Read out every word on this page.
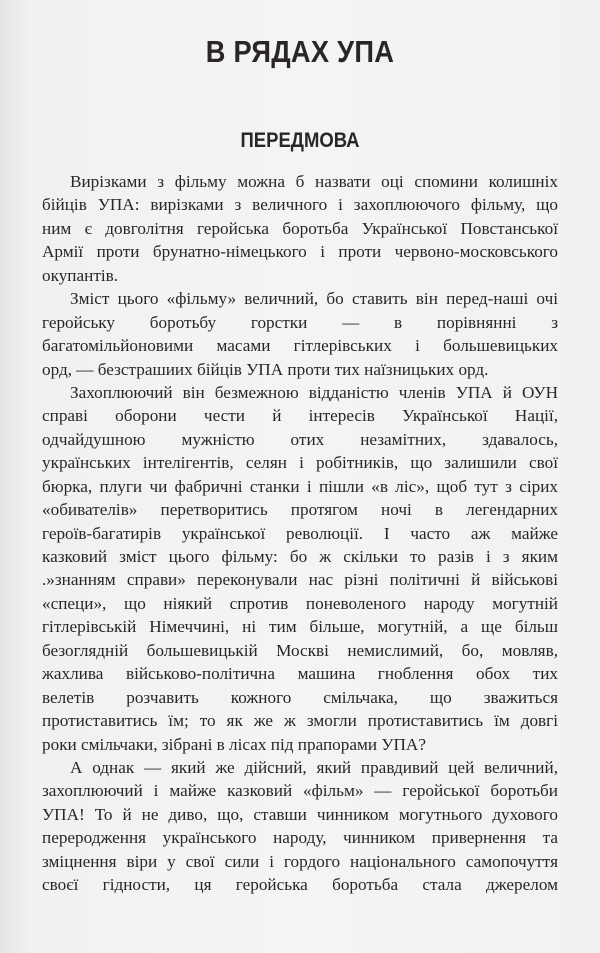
В РЯДАХ УПА
ПЕРЕДМОВА
Вирізками з фільму можна б назвати оці спомини колишніх
бійців УПА: вирізками з величного і захоплюючого фільму, що
ним є довголітня геройська боротьба Української Повстанської
Армії проти брунатно-німецького і проти червоно-московського
окупантів.
Зміст цього «фільму» величний, бо ставить він перед-наші очі
геройську боротьбу горстки — в порівнянні з
багатомільйоновими масами гітлерівських і большевицьких
орд, — безстрашиих бійців УПА проти тих наїзницьких орд.
Захоплюючий він безмежною відданістю членів УПА й ОУН
справі оборони чести й інтересів Української Нації,
одчайдушною мужністю отих незамітних, здавалось,
українських інтелігентів, селян і робітників, що залишили свої
бюрка, плуги чи фабричні станки і пішли «в ліс», щоб тут з сірих
«обивателів» перетворитись протягом ночі в легендарних
героїв-багатирів української революції. І часто аж майже
казковий зміст цього фільму: бо ж скільки то разів і з яким
.»знанням справи» переконували нас різні політичні й військові
«специ», що ніякий спротив поневоленого народу могутній
гітлерівській Німеччині, ні тим більше, могутній, а ще більш
безоглядній большевицькій Москві немислимий, бо, мовляв,
жахлива військово-політична машина гноблення обох тих
велетів розчавить кожного смільчака, що зважиться
протиставитись їм; то як же ж змогли протиставитись їм довгі
роки смільчаки, зібрані в лісах під прапорами УПА?
А однак — який же дійсний, який правдивий цей величний,
захоплюючий і майже казковий «фільм» — геройської боротьби
УПА! То й не диво, що, ставши чинником могутнього духового
переродження українського народу, чинником привернення та
зміцнення віри у свої сили і гордого національного самопочуття
своєї гідности, ця геройська боротьба стала джерелом
